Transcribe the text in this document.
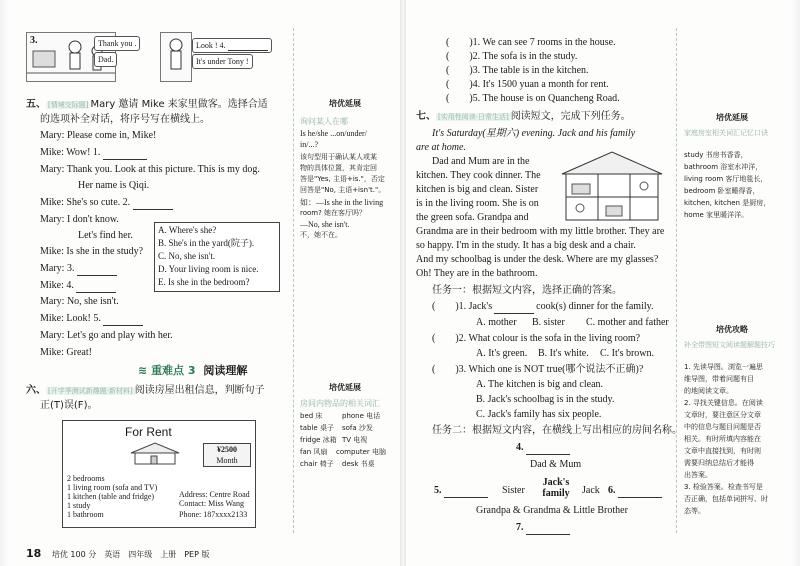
3.	Thank you .
Dad.
Look ! 4.
It's under Tony !
五、 [情境交际题] Mary 邀请 Mike 来家里做客。选择合适
的选项补全对话，将序号写在横线上。
Mary: Please come in, Mike!
Mike: Wow! 1.
Mary: Thank you. Look at this picture. This is my dog.
Her name is Qiqi.
Mike: She's so cute. 2.
Mary: I don't know.
Let's find her.
Mike: Is she in the study?
Mary: 3.
Mike: 4.
Mary: No, she isn't.
Mike: Look! 5.
Mary: Let's go and play with her.
Mike: Great!
A. Where's she?
B. She's in the yard(院子).
C. No, she isn't.
D. Your living room is nice.
E. Is she in the bedroom?
≋ 重难点 3 阅读理解
六、 [开学季测试新趣题·新材料] 阅读房屋出租信息，判断句子
正(T)误(F)。
For Rent
¥2500
Month
2 bedrooms
1 living room (sofa and TV)
1 kitchen (table and fridge)
1 study
1 bathroom
Address: Centre Road
Contact: Miss Wang
Phone: 187xxxx2133
培优延展
询问某人在哪
Is he/she ...on/under/
in/...?
该句型用于确认某人或某
物的具体位置，其肯定回
答是"Yes, 主语+is."，否定
回答是"No, 主语+isn't."。
如：—Is she in the living
room? 她在客厅吗？
—No, she isn't.
不，她不在。
培优延展
房间内物品的相关词汇
bed 床	phone 电话
table 桌子 sofa 沙发
fridge 冰箱 TV 电视
fan 风扇 computer 电脑
chair 椅子 desk 书桌
18 培优 100 分　英语　四年级　上册　PEP 版
(　　)1. We can see 7 rooms in the house.
(　　)2. The sofa is in the study.
(　　)3. The table is in the kitchen.
(　　)4. It's 1500 yuan a month for rent.
(　　)5. The house is on Quancheng Road.
七、 [实用性阅读·日常生活] 阅读短文，完成下列任务。
It's Saturday(星期六) evening. Jack and his family
are at home.
Dad and Mum are in the
kitchen. They cook dinner. The
kitchen is big and clean. Sister
is in the living room. She is on
the green sofa. Grandpa and
Grandma are in their bedroom with my little brother. They are
so happy. I'm in the study. It has a big desk and a chair.
And my schoolbag is under the desk. Where are my glasses?
Oh! They are in the bathroom.
任务一：根据短文内容，选择正确的答案。
(　　)1. Jack's	cook(s) dinner for the family.
A. mother B. sister C. mother and father
(　　)2. What colour is the sofa in the living room?
A. It's green. B. It's white. C. It's brown.
(　　)3. Which one is NOT true(哪个说法不正确)?
A. The kitchen is big and clean.
B. Jack's schoolbag is in the study.
C. Jack's family has six people.
任务二：根据短文内容，在横线上写出相应的房间名称。
4.
Dad & Mum
5.	Sister
Jack's
family	Jack 6.
Grandpa & Grandma & Little Brother
7.
培优延展
家庭房室相关词汇记忆口诀
study 书房书香香，
bathroom 浴室水冲洋，
living room 客厅地毯长，
bedroom 卧室睡得香，
kitchen, kitchen 是厨房，
home 家里暖洋洋。
培优攻略
补全带图短文阅读题解题技巧
1. 先读导图。浏览一遍思
维导图，带着问题有目
的地阅读文章。
2. 寻找关键信息。在阅读
文章时，要注意区分文章
中的信息与题目问题是否
相关。有时所填内容能在
文章中直接找到，有时则
需要归纳总结后才能得
出答案。
3. 检验答案。检查书写是
否正确，包括单词拼写、时
态等。
